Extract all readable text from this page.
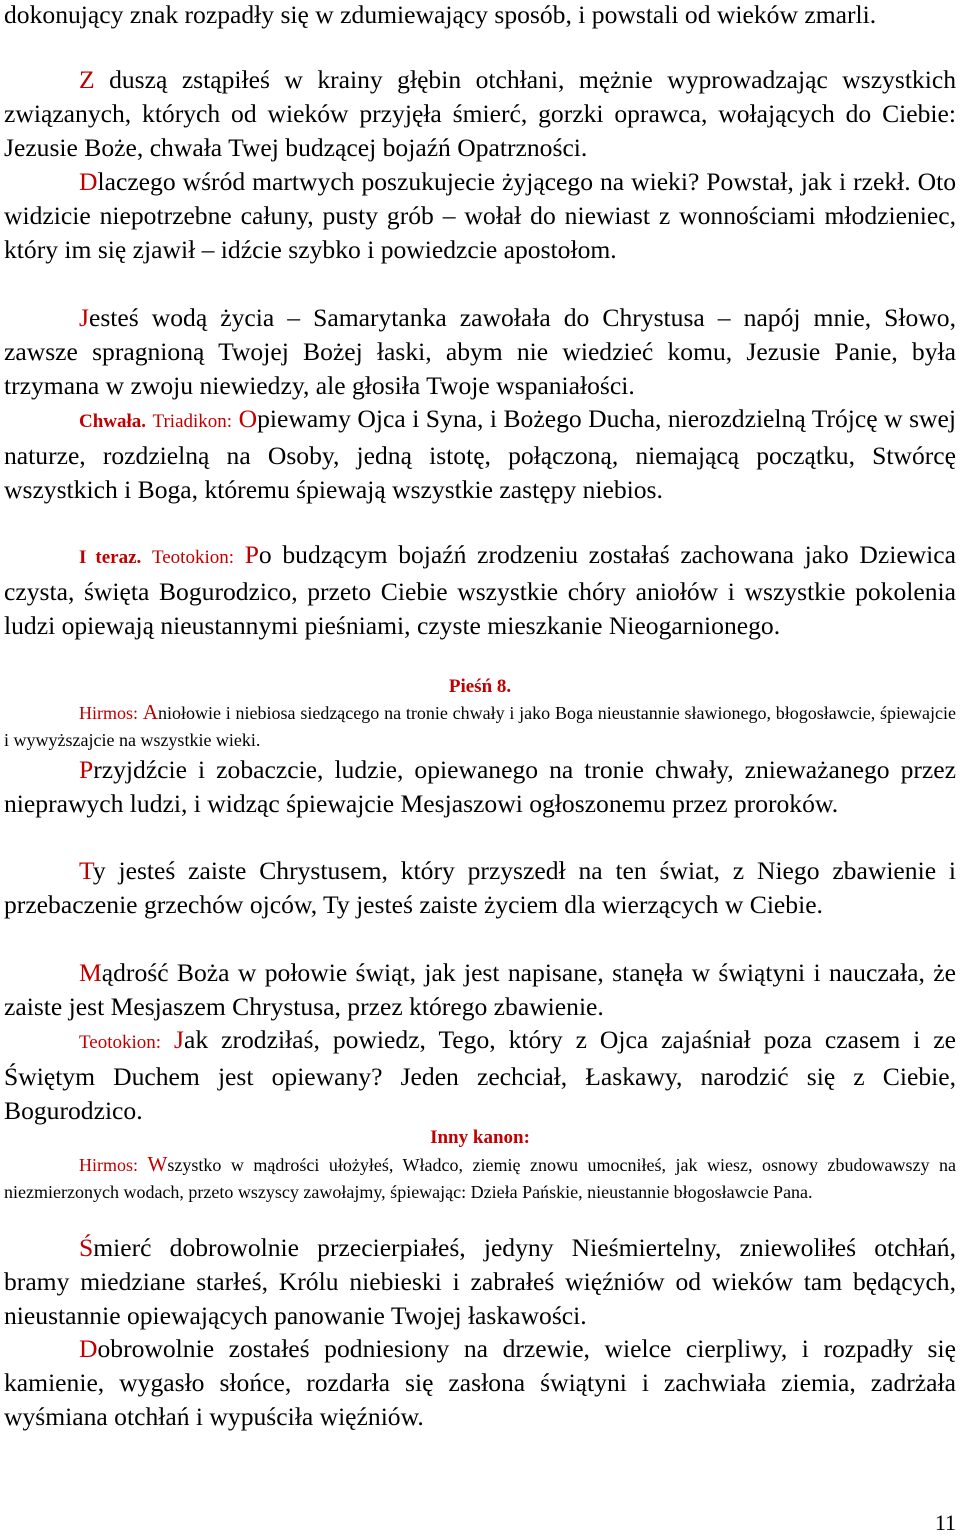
dokonujący znak rozpadły się w zdumiewający sposób, i powstali od wieków zmarli.

Z duszą zstąpiłeś w krainy głębin otchłani, mężnie wyprowadzając wszystkich związanych, których od wieków przyjęła śmierć, gorzki oprawca, wołających do Ciebie: Jezusie Boże, chwała Twej budzącej bojaźń Opatrzności.

Dlaczego wśród martwych poszukujecie żyjącego na wieki? Powstał, jak i rzekł. Oto widzicie niepotrzebne całuny, pusty grób – wołał do niewiast z wonnościami młodzieniec, który im się zjawił – idźcie szybko i powiedzcie apostołom.

Jesteś wodą życia – Samarytanka zawołała do Chrystusa – napój mnie, Słowo, zawsze spragnioną Twojej Bożej łaski, abym nie wiedzieć komu, Jezusie Panie, była trzymana w zwoju niewiedzy, ale głosiła Twoje wspaniałości.

Chwała. Triadikon: Opiewamy Ojca i Syna, i Bożego Ducha, nierozdzielną Trójcę w swej naturze, rozdzielną na Osoby, jedną istotę, połączoną, niemającą początku, Stwórcę wszystkich i Boga, któremu śpiewają wszystkie zastępy niebios.

I teraz. Teotokion: Po budzącym bojaźń zrodzeniu zostałaś zachowana jako Dziewica czysta, święta Bogurodzico, przeto Ciebie wszystkie chóry aniołów i wszystkie pokolenia ludzi opiewają nieustannymi pieśniami, czyste mieszkanie Nieogarnionego.

Pieśń 8.

Hirmos: Aniołowie i niebiosa siedzącego na tronie chwały i jako Boga nieustannie sławionego, błogosławcie, śpiewajcie i wywyższajcie na wszystkie wieki.

Przyjdźcie i zobaczcie, ludzie, opiewanego na tronie chwały, znieważanego przez nieprawych ludzi, i widząc śpiewajcie Mesjaszowi ogłoszonemu przez proroków.

Ty jesteś zaiste Chrystusem, który przyszedł na ten świat, z Niego zbawienie i przebaczenie grzechów ojców, Ty jesteś zaiste życiem dla wierzących w Ciebie.

Mądrość Boża w połowie świąt, jak jest napisane, stanęła w świątyni i nauczała, że zaiste jest Mesjaszem Chrystusa, przez którego zbawienie.

Teotokion: Jak zrodziłaś, powiedz, Tego, który z Ojca zajaśniał poza czasem i ze Świętym Duchem jest opiewany? Jeden zechciał, Łaskawy, narodzić się z Ciebie, Bogurodzico.

Inny kanon:

Hirmos: Wszystko w mądrości ułożyłeś, Władco, ziemię znowu umocniłeś, jak wiesz, osnowy zbudowawszy na niezmierzonych wodach, przeto wszyscy zawołajmy, śpiewając: Dzieła Pańskie, nieustannie błogosławcie Pana.

Śmierć dobrowolnie przecierpiałeś, jedyny Nieśmiertelny, zniewoliłeś otchłań, bramy miedziane starłeś, Królu niebieski i zabrałeś więźniów od wieków tam będących, nieustannie opiewających panowanie Twojej łaskawości.

Dobrowolnie zostałeś podniesiony na drzewie, wielce cierpliwy, i rozpadły się kamienie, wygasło słońce, rozdarła się zasłona świątyni i zachwiała ziemia, zadrżała wyśmiana otchłań i wypuściła więźniów.

11
